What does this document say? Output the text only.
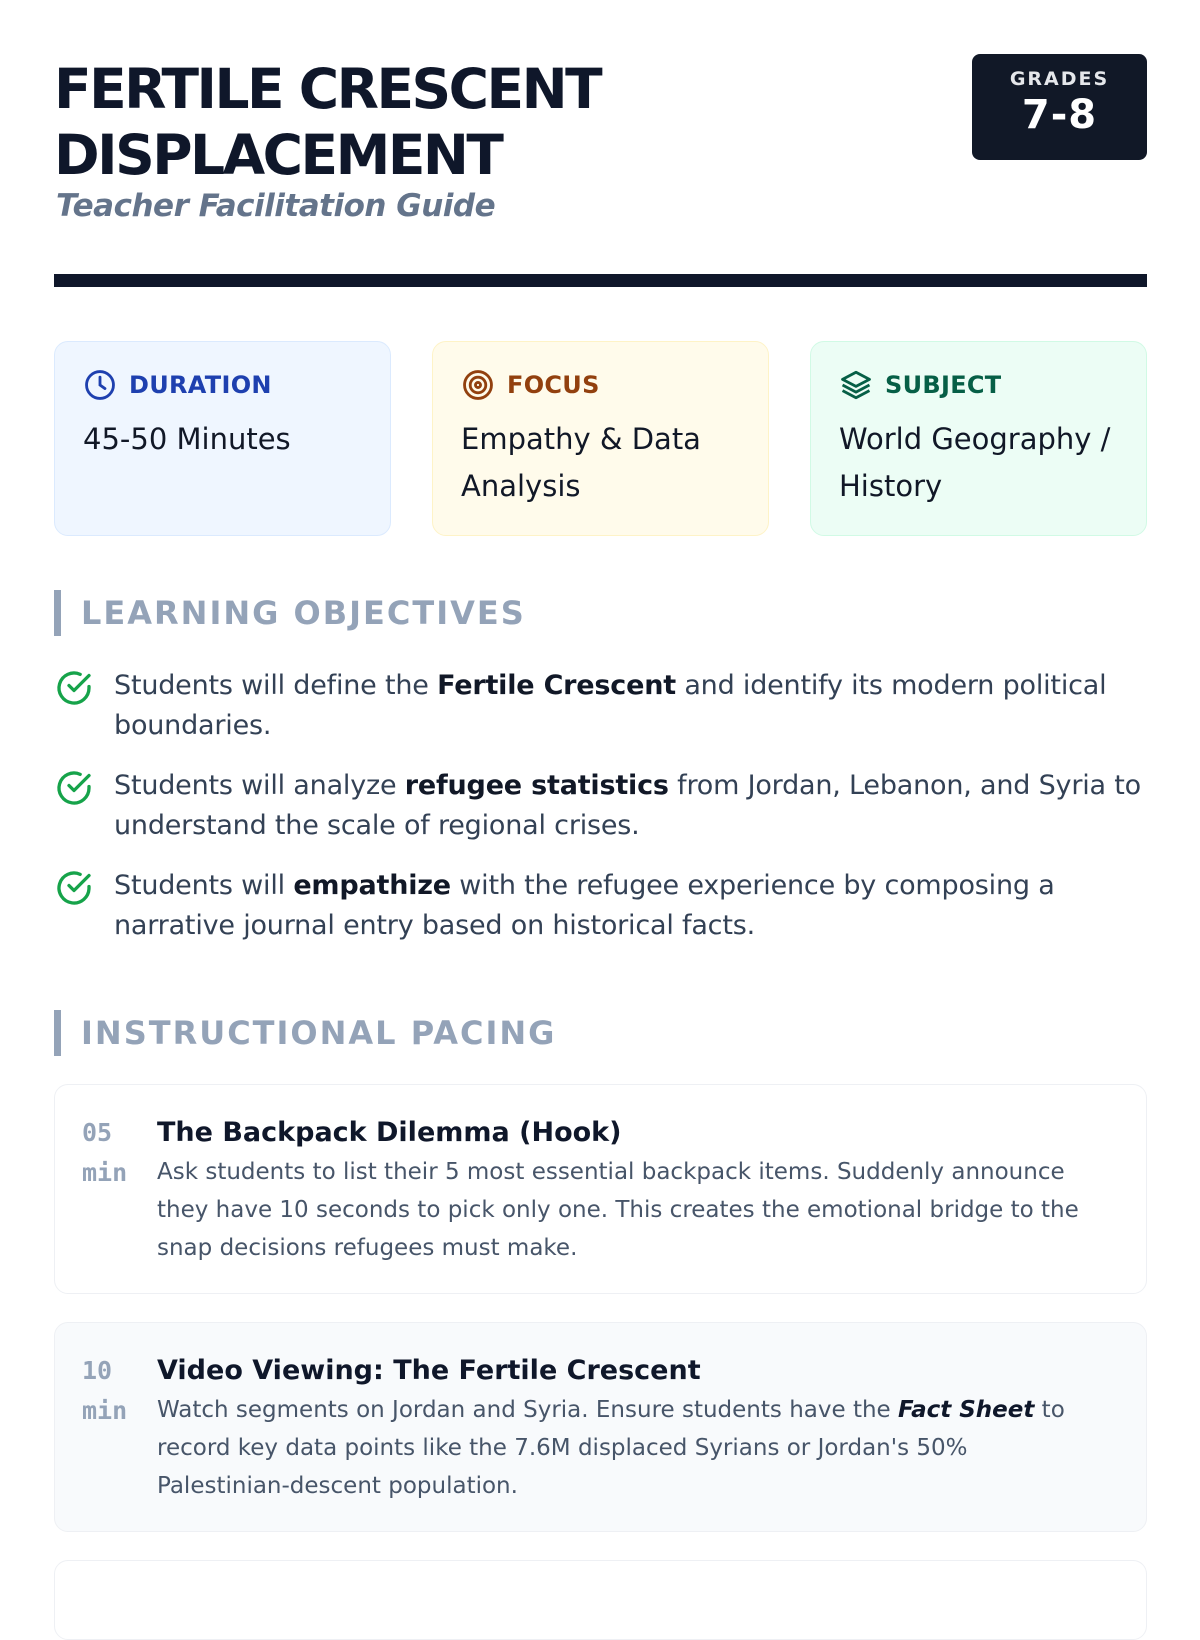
FERTILE CRESCENT
DISPLACEMENT
Teacher Facilitation Guide
GRADES
7-8
DURATION
45-50 Minutes
FOCUS
Empathy & Data Analysis
SUBJECT
World Geography / History
LEARNING OBJECTIVES
Students will define the Fertile Crescent and identify its modern political boundaries.
Students will analyze refugee statistics from Jordan, Lebanon, and Syria to understand the scale of regional crises.
Students will empathize with the refugee experience by composing a narrative journal entry based on historical facts.
INSTRUCTIONAL PACING
05
min
The Backpack Dilemma (Hook)
Ask students to list their 5 most essential backpack items. Suddenly announce they have 10 seconds to pick only one. This creates the emotional bridge to the snap decisions refugees must make.
10
min
Video Viewing: The Fertile Crescent
Watch segments on Jordan and Syria. Ensure students have the Fact Sheet to record key data points like the 7.6M displaced Syrians or Jordan's 50% Palestinian-descent population.
